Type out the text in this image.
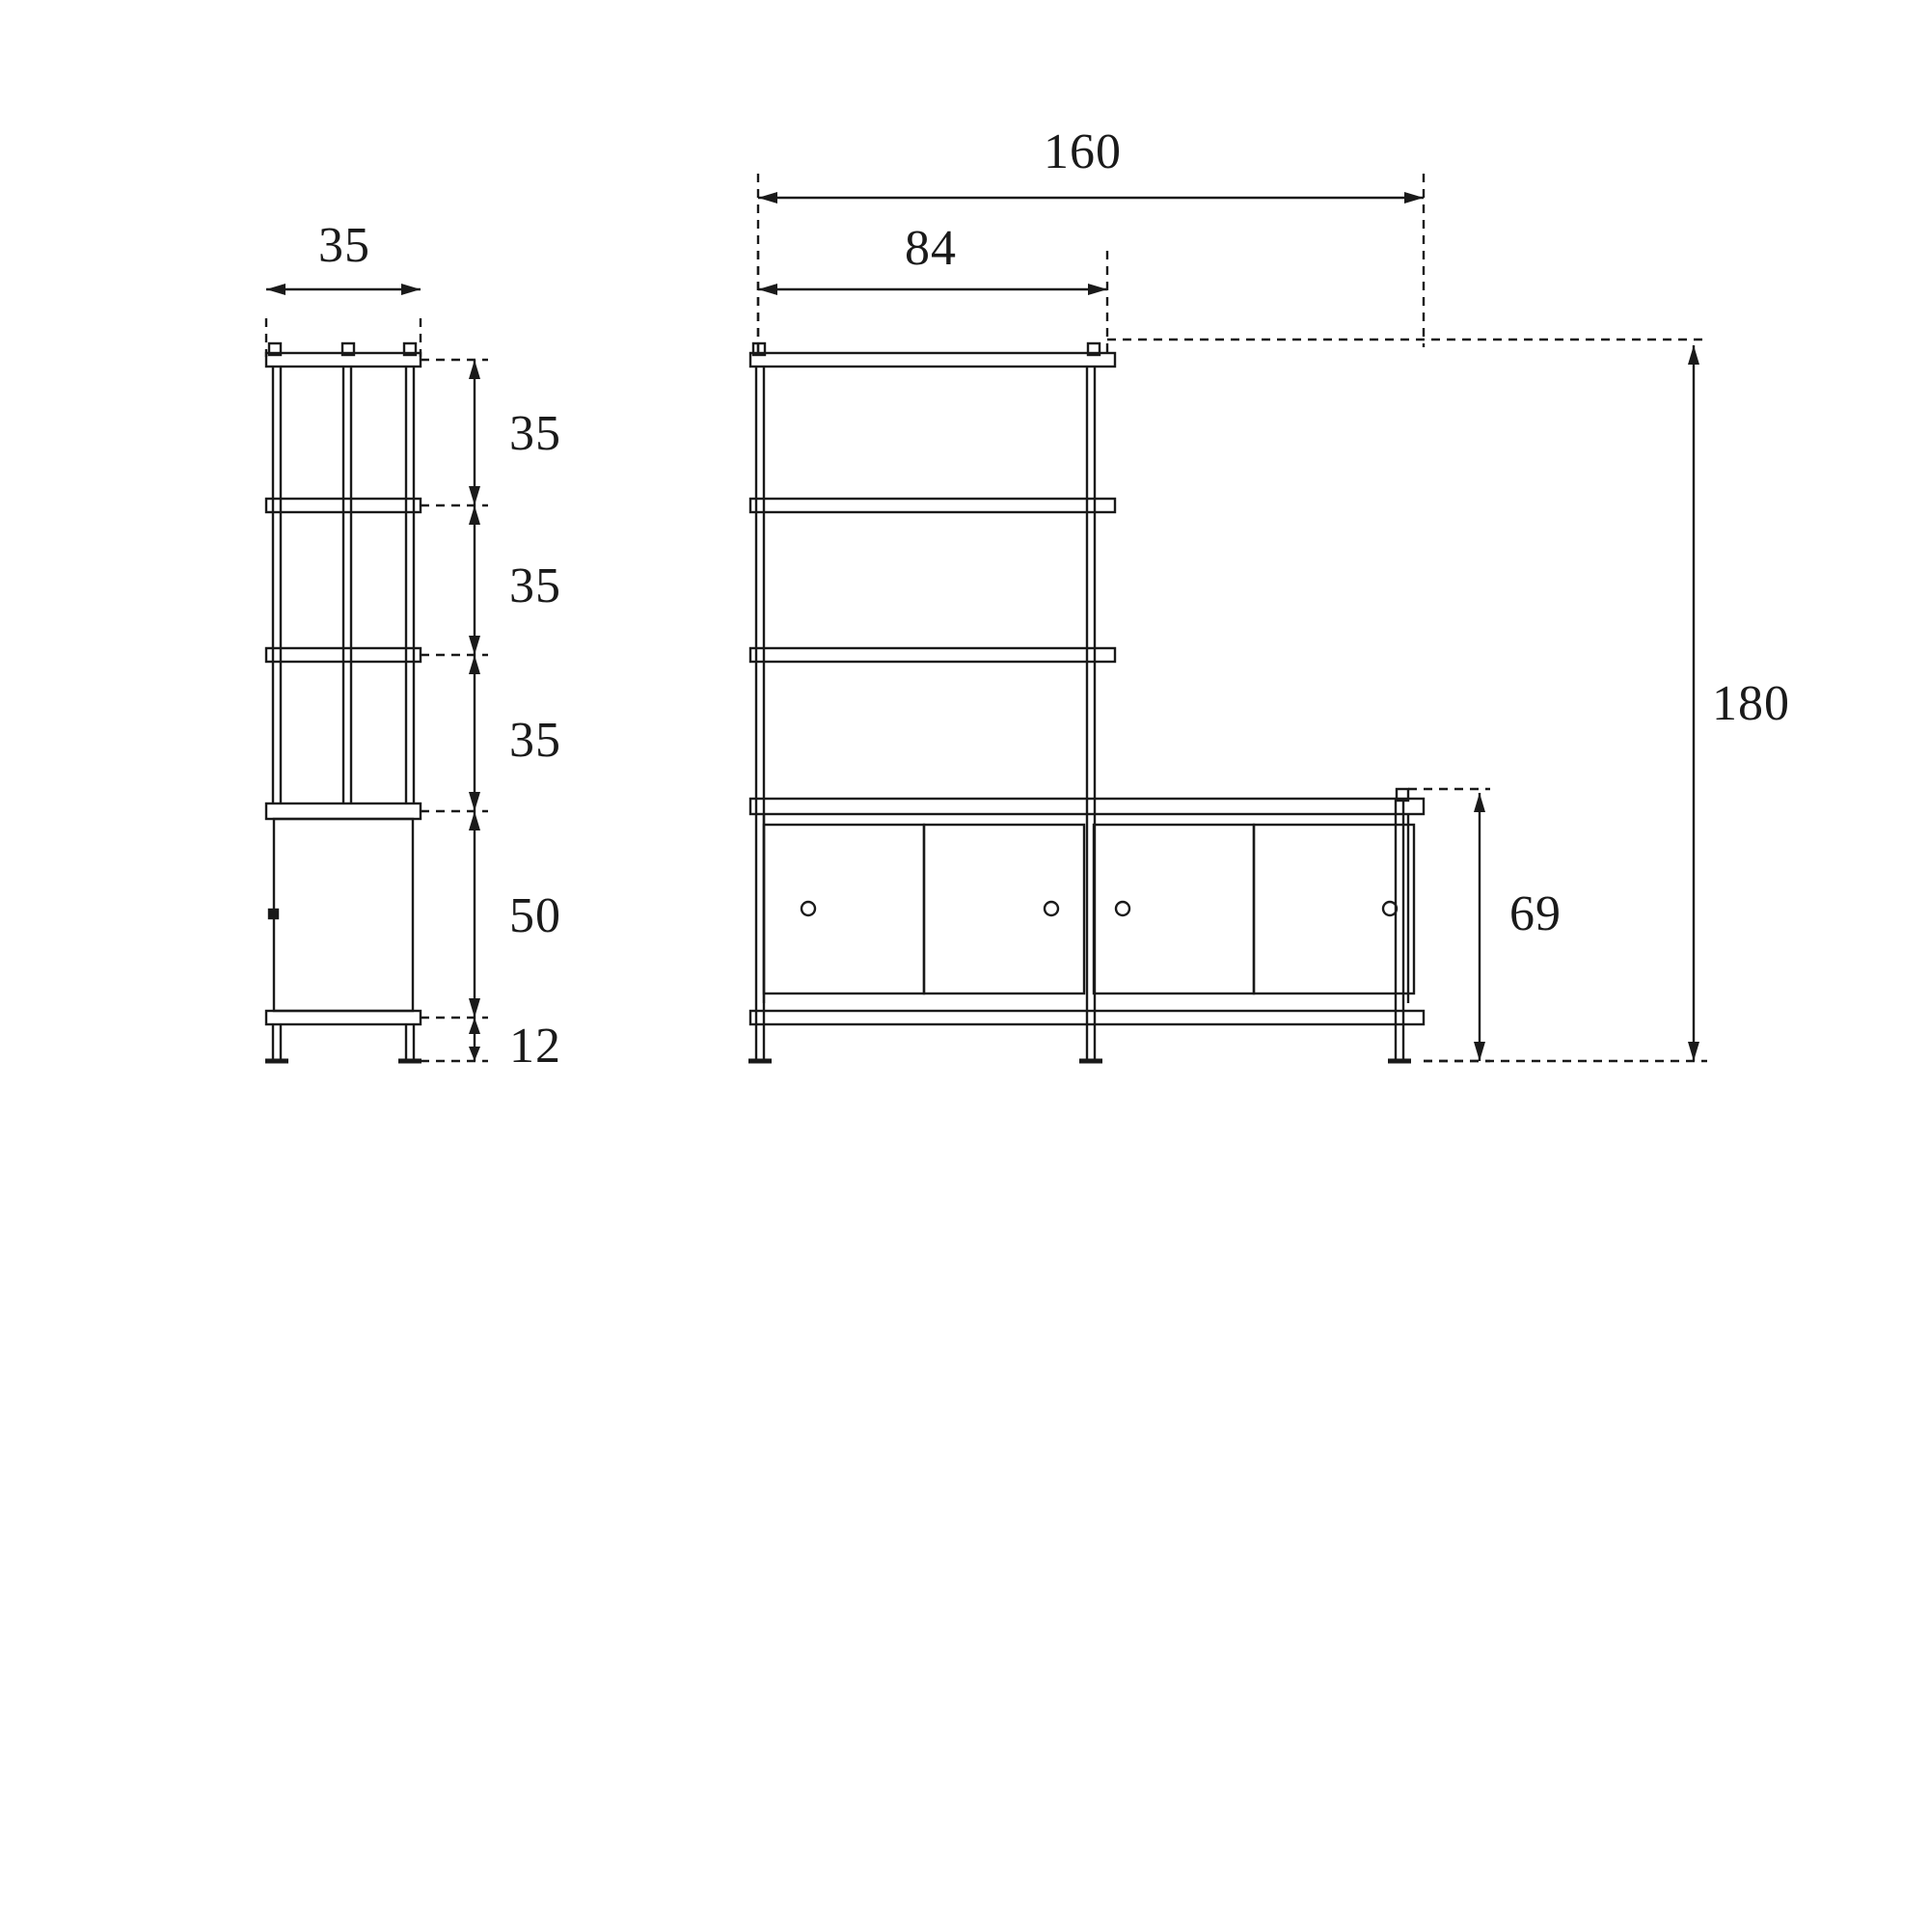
35
35
35
35
50
12
160
84
180
69
